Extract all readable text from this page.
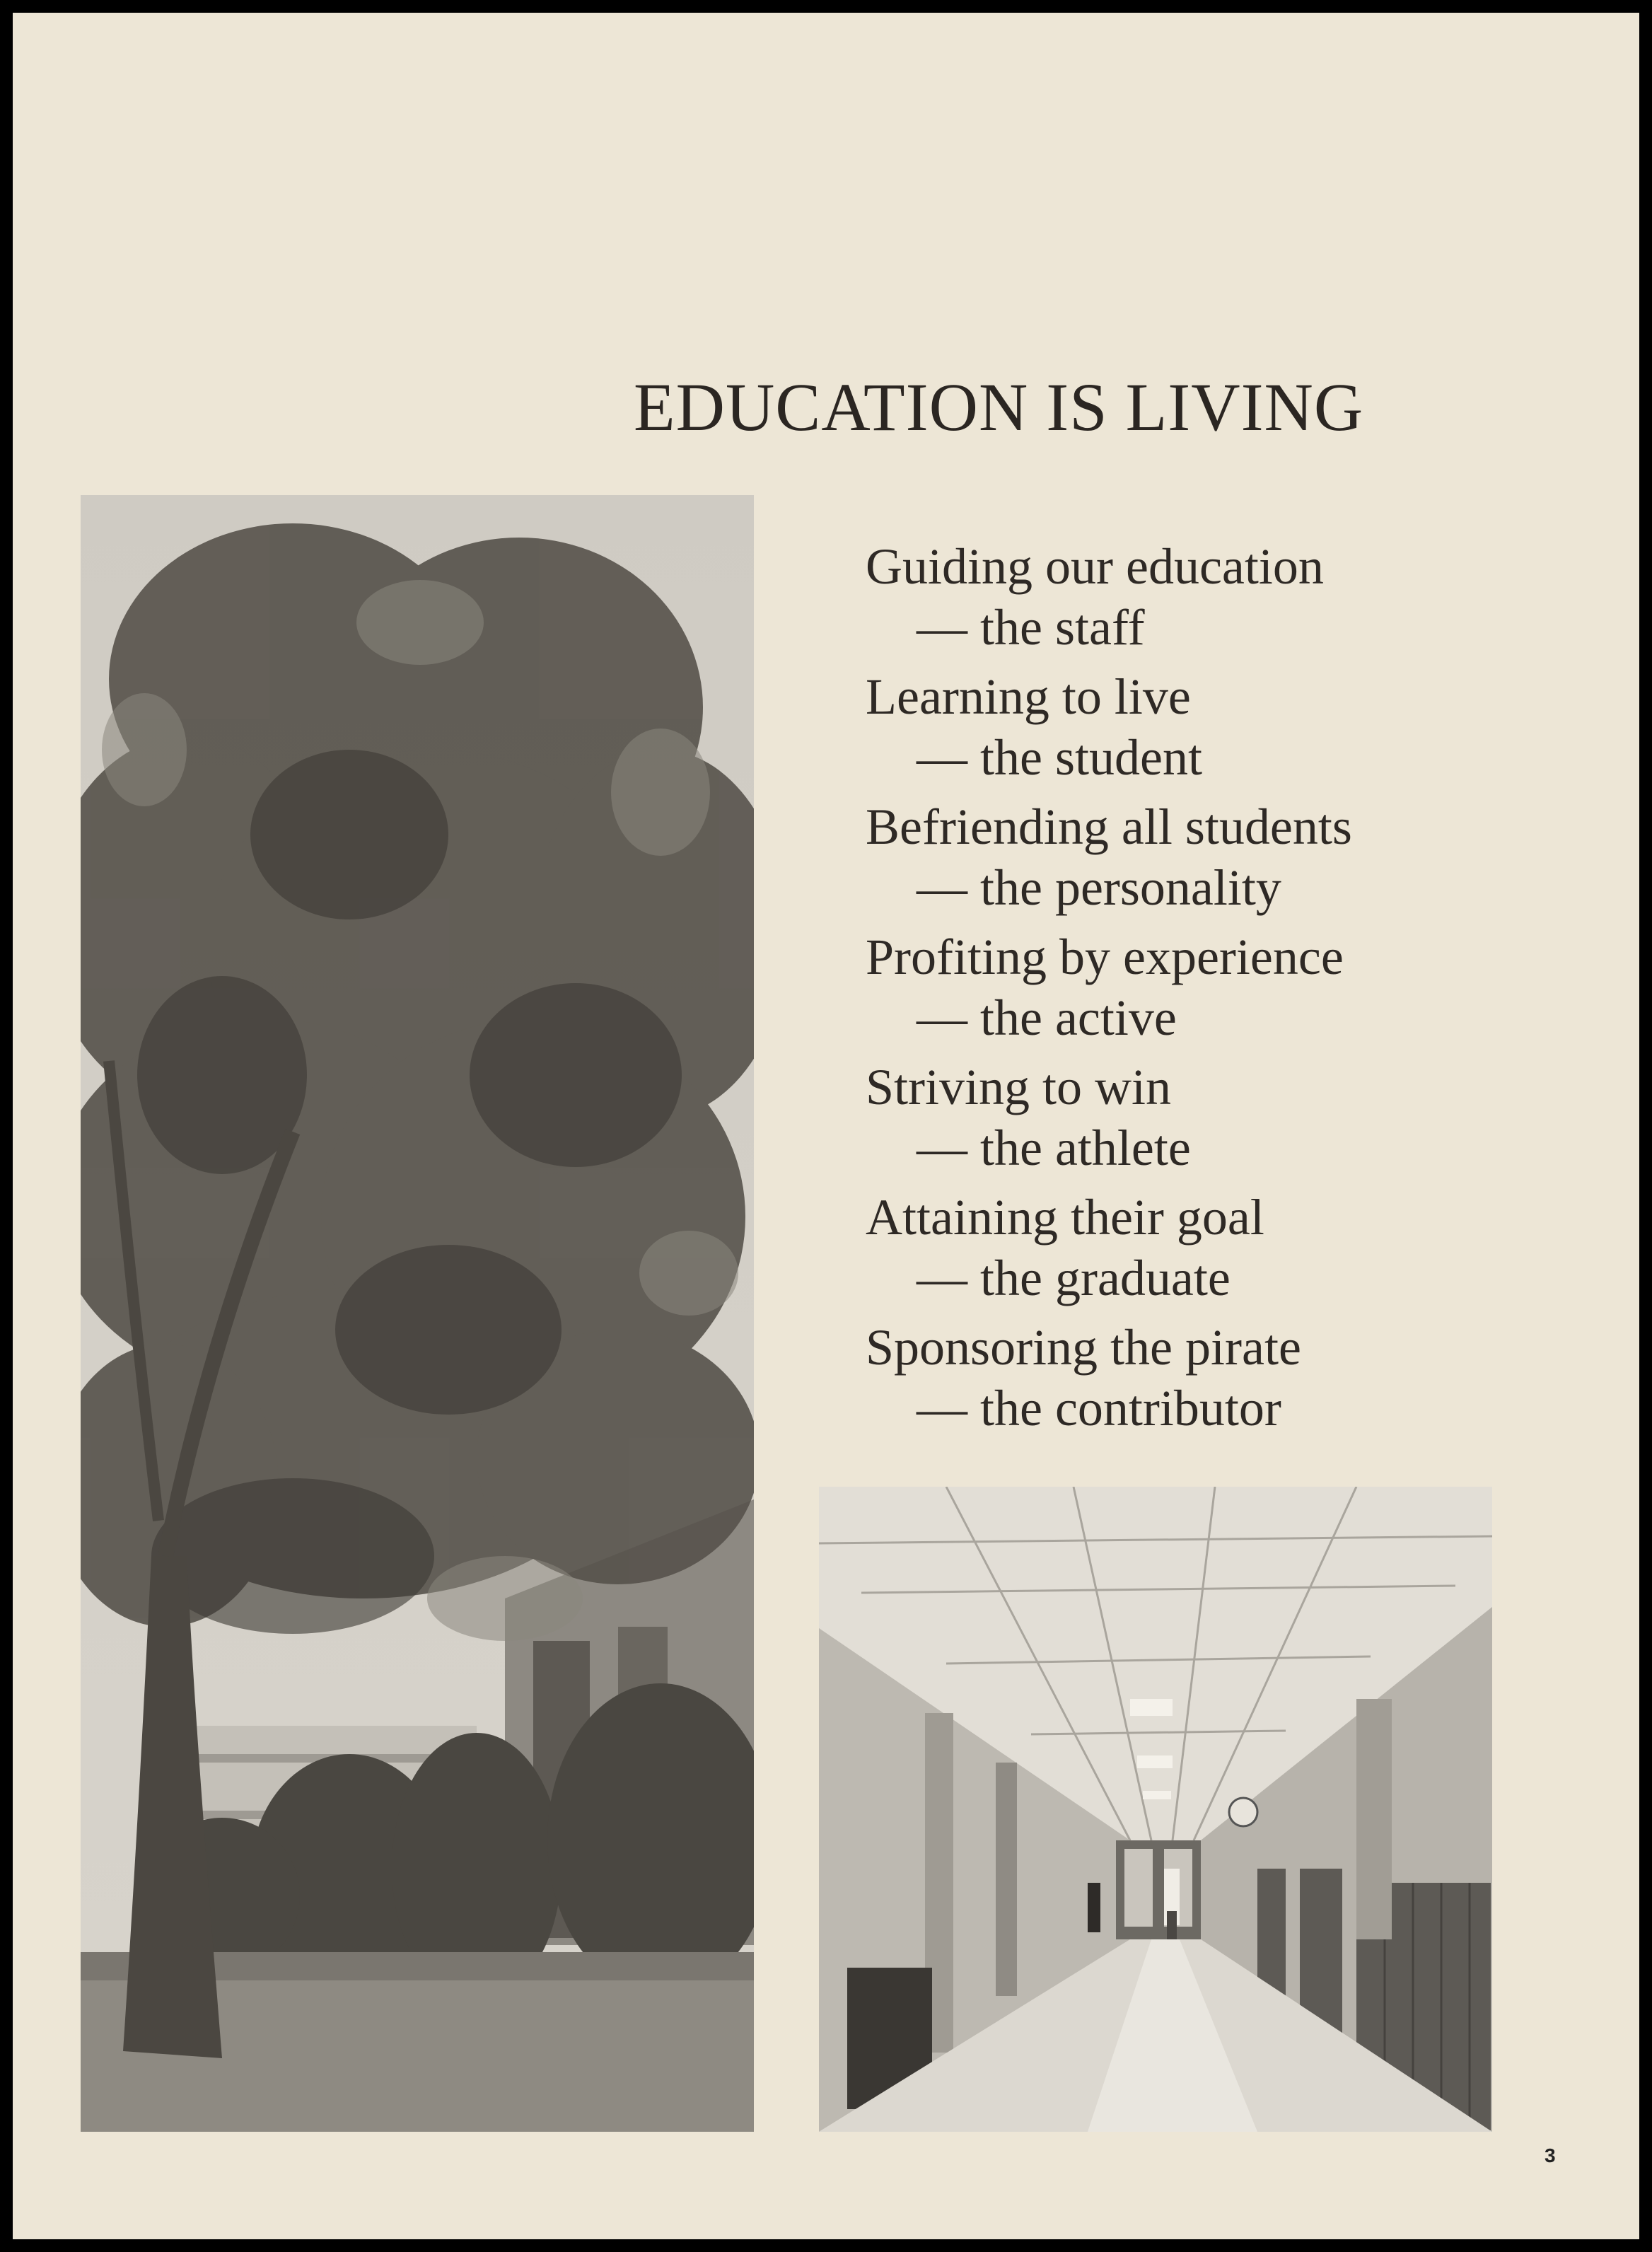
EDUCATION IS LIVING
Guiding our education
— the staff
Learning to live
— the student
Befriending all students
— the personality
Profiting by experience
— the active
Striving to win
— the athlete
Attaining their goal
— the graduate
Sponsoring the pirate
— the contributor
3
